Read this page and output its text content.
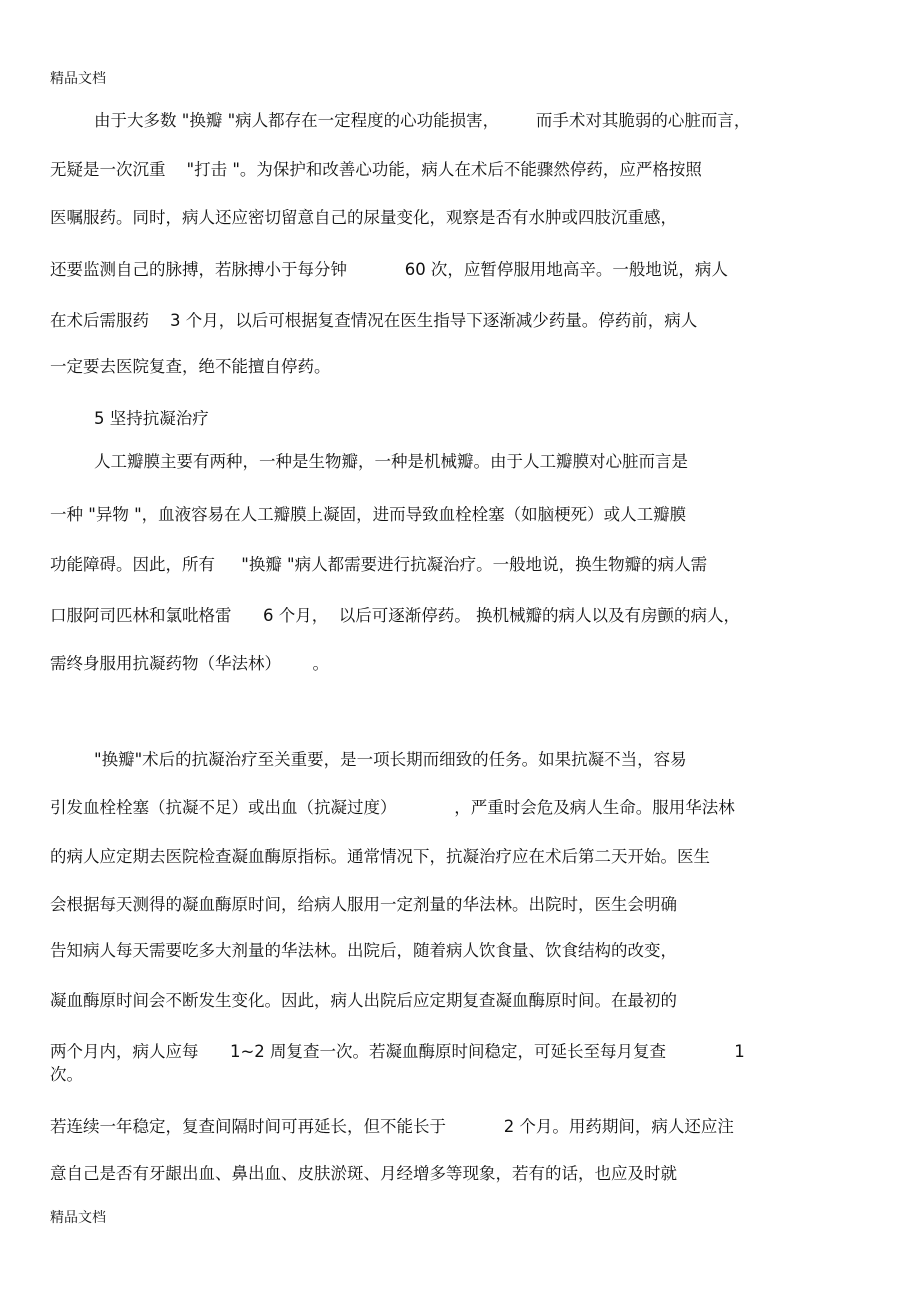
精品文档
由于大多数 "换瓣 "病人都存在一定程度的心功能损害，       而手术对其脆弱的心脏而言，
无疑是一次沉重    "打击 "。为保护和改善心功能，病人在术后不能骤然停药，应严格按照
医嘱服药。同时，病人还应密切留意自己的尿量变化，观察是否有水肿或四肢沉重感，
还要监测自己的脉搏，若脉搏小于每分钟           60 次，应暂停服用地高辛。一般地说，病人
在术后需服药    3 个月，以后可根据复查情况在医生指导下逐渐减少药量。停药前，病人
一定要去医院复查，绝不能擅自停药。
5 坚持抗凝治疗
人工瓣膜主要有两种，一种是生物瓣，一种是机械瓣。由于人工瓣膜对心脏而言是
一种 "异物 "，血液容易在人工瓣膜上凝固，进而导致血栓栓塞（如脑梗死）或人工瓣膜
功能障碍。因此，所有     "换瓣 "病人都需要进行抗凝治疗。一般地说，换生物瓣的病人需
口服阿司匹林和氯吡格雷      6 个月，  以后可逐渐停药。 换机械瓣的病人以及有房颤的病人，
需终身服用抗凝药物（华法林）      。
"换瓣"术后的抗凝治疗至关重要，是一项长期而细致的任务。如果抗凝不当，容易
引发血栓栓塞（抗凝不足）或出血（抗凝过度）           ，严重时会危及病人生命。服用华法林
的病人应定期去医院检查凝血酶原指标。通常情况下，抗凝治疗应在术后第二天开始。医生
会根据每天测得的凝血酶原时间，给病人服用一定剂量的华法林。出院时，医生会明确
告知病人每天需要吃多大剂量的华法林。出院后，随着病人饮食量、饮食结构的改变，
凝血酶原时间会不断发生变化。因此，病人出院后应定期复查凝血酶原时间。在最初的
两个月内，病人应每      1~2 周复查一次。若凝血酶原时间稳定，可延长至每月复查             1
次。
若连续一年稳定，复查间隔时间可再延长，但不能长于           2 个月。用药期间，病人还应注
意自己是否有牙龈出血、鼻出血、皮肤淤斑、月经增多等现象，若有的话，也应及时就
精品文档
